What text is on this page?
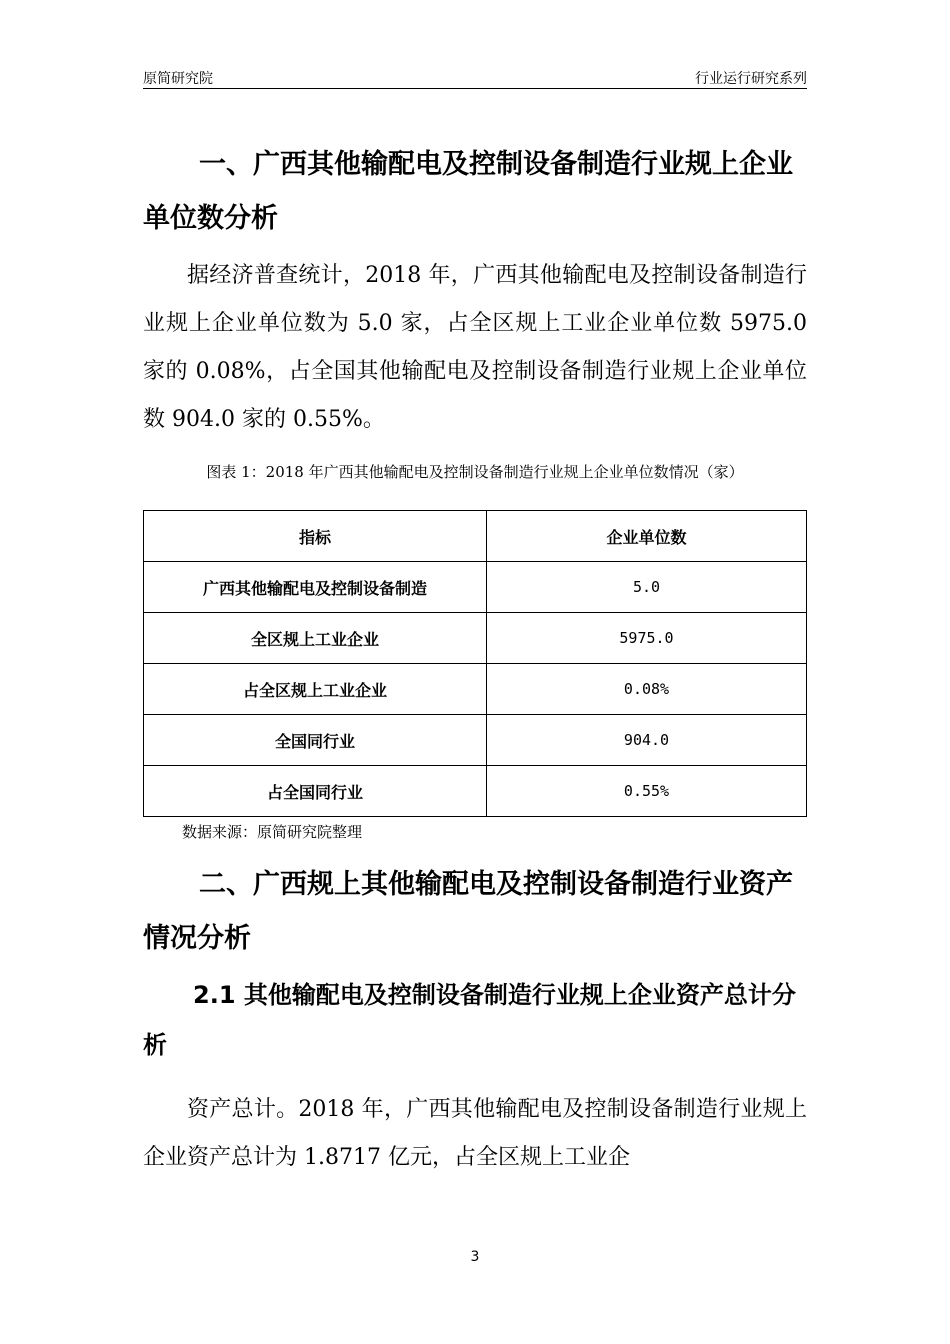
原简研究院	行业运行研究系列
一、广西其他输配电及控制设备制造行业规上企业单位数分析

据经济普查统计，2018 年，广西其他输配电及控制设备制造行业规上企业单位数为 5.0 家，占全区规上工业企业单位数 5975.0 家的 0.08%，占全国其他输配电及控制设备制造行业规上企业单位数 904.0 家的 0.55%。

图表 1：2018 年广西其他输配电及控制设备制造行业规上企业单位数情况（家）
指标	企业单位数
广西其他输配电及控制设备制造	5.0
全区规上工业企业	5975.0
占全区规上工业企业	0.08%
全国同行业	904.0
占全国同行业	0.55%
数据来源：原简研究院整理
二、广西规上其他输配电及控制设备制造行业资产情况分析
2.1 其他输配电及控制设备制造行业规上企业资产总计分析

资产总计。2018 年，广西其他输配电及控制设备制造行业规上企业资产总计为 1.8717 亿元，占全区规上工业企

3
